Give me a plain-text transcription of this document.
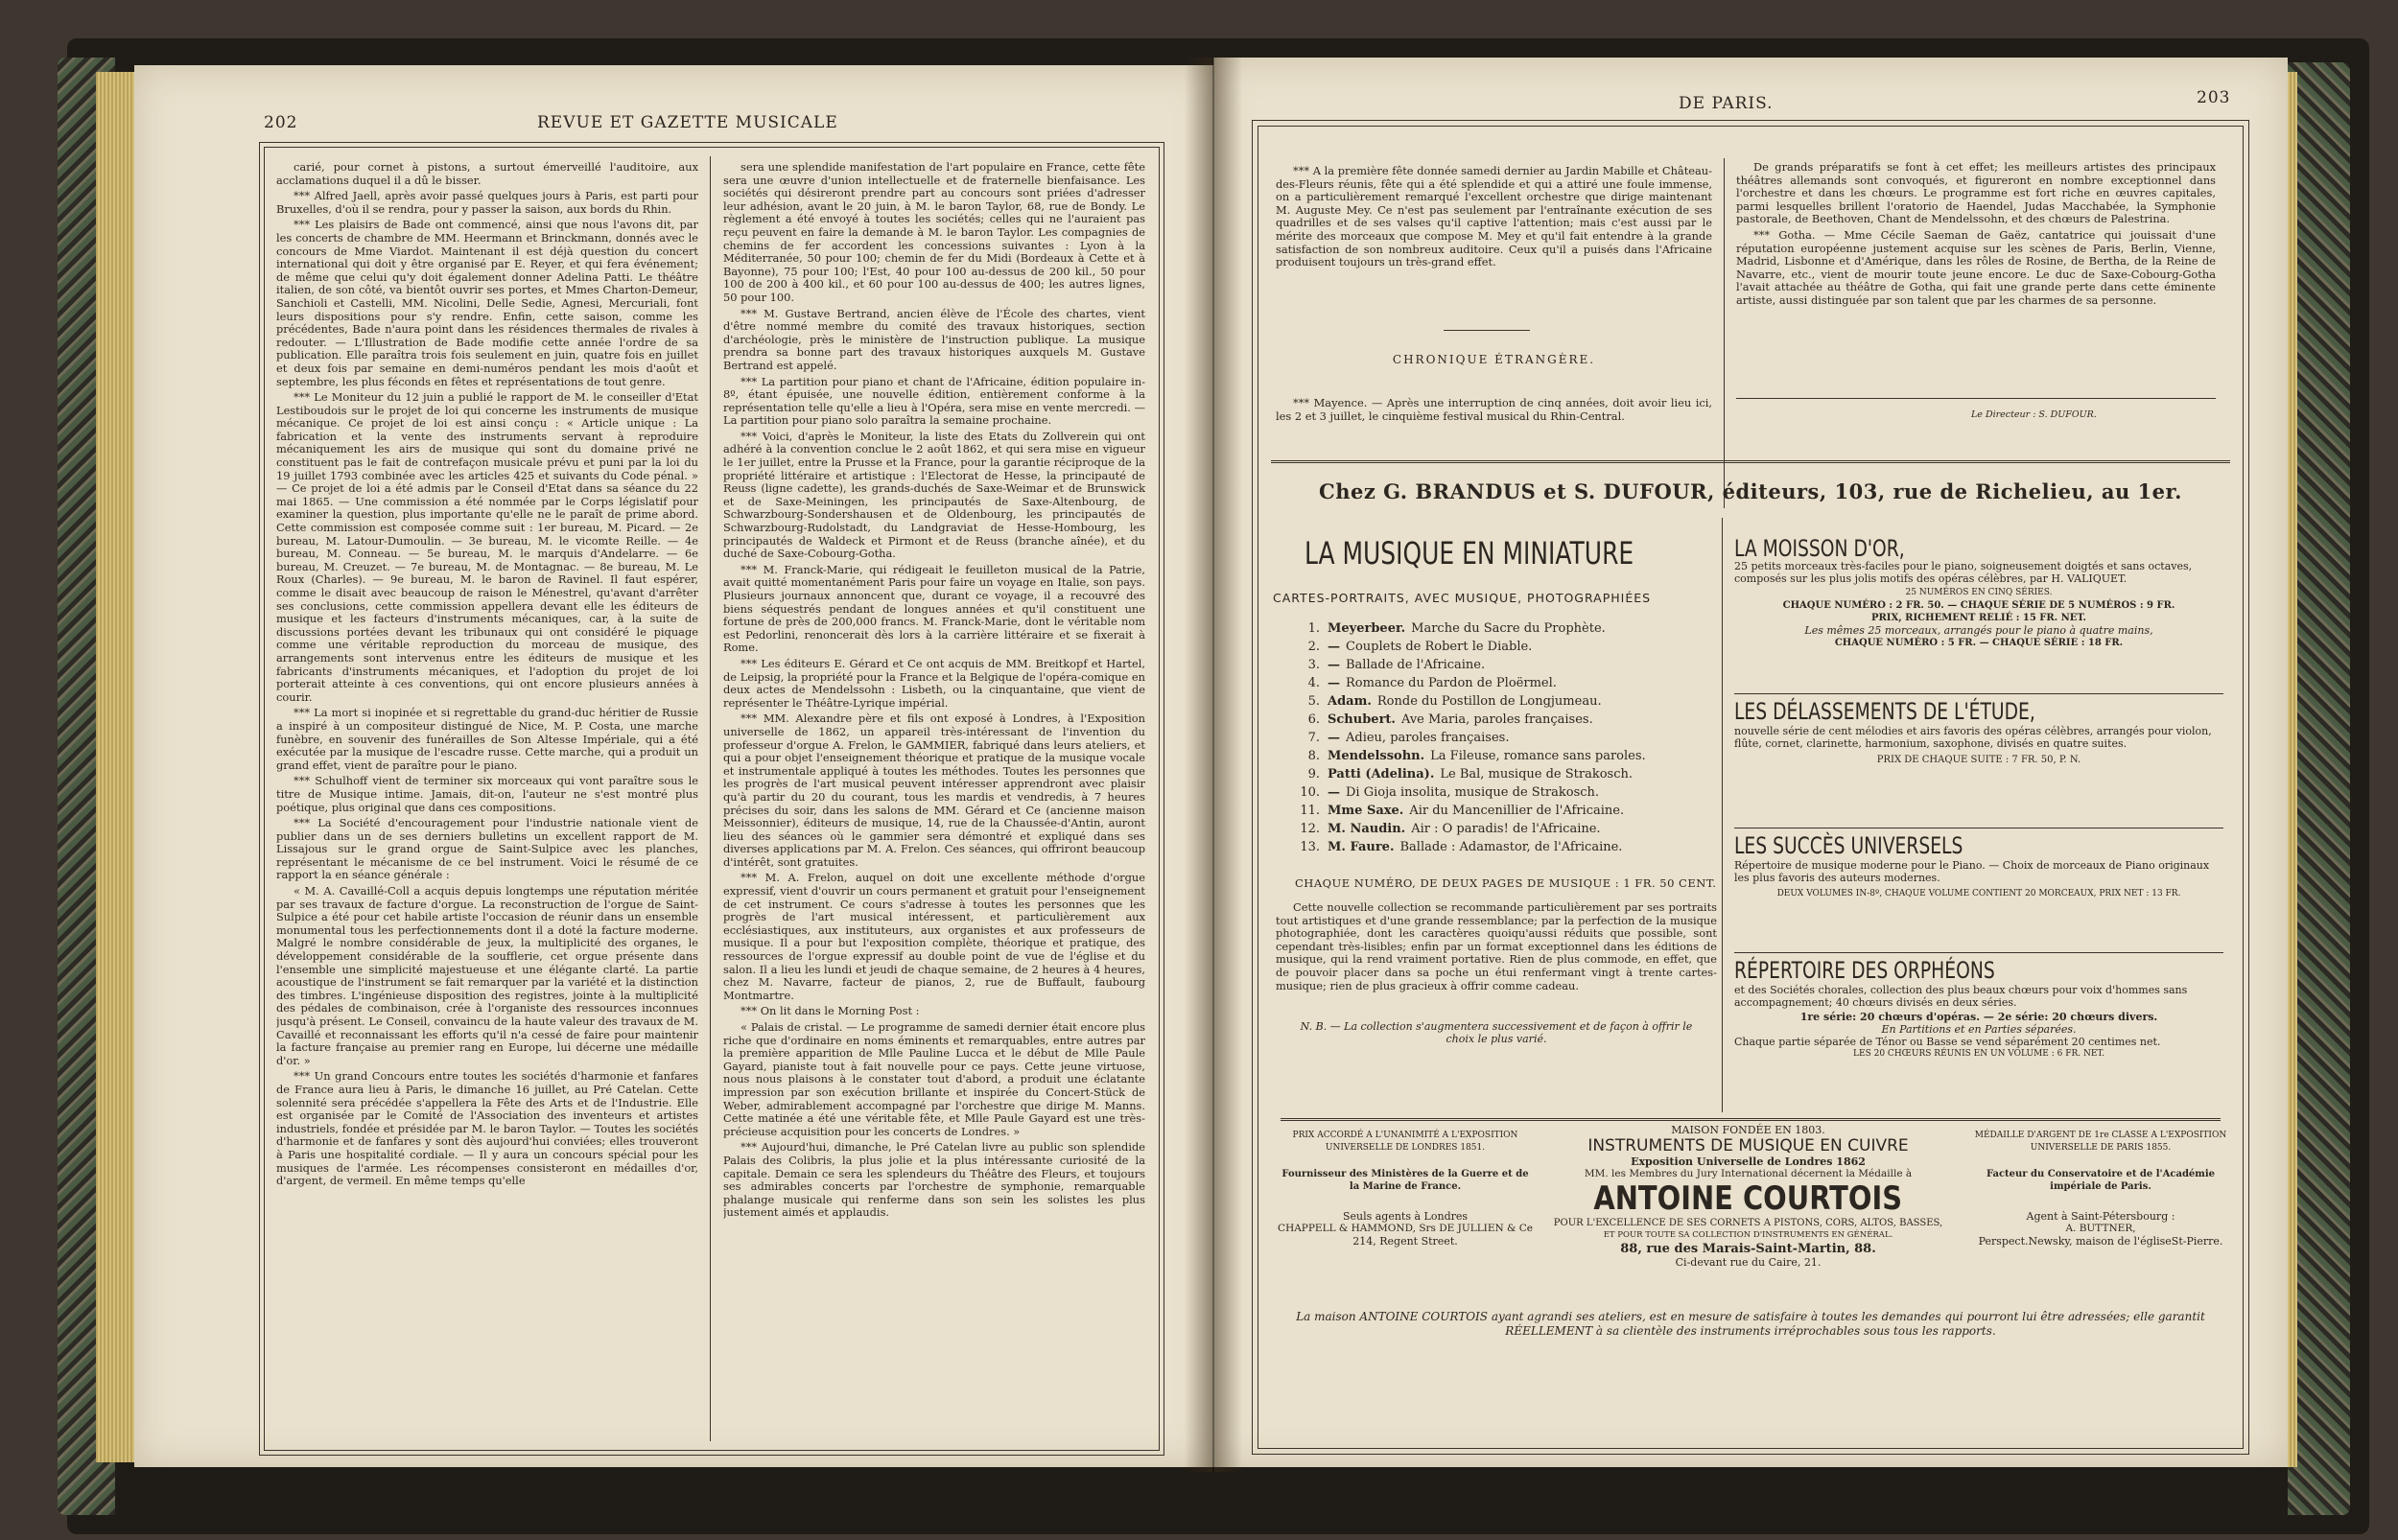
202	REVUE ET GAZETTE MUSICALE

carié, pour cornet à pistons, a surtout émerveillé l'auditoire, aux acclamations duquel il a dû le bisser.

*** Alfred Jaell, après avoir passé quelques jours à Paris, est parti pour Bruxelles, d'où il se rendra, pour y passer la saison, aux bords du Rhin.

*** Les plaisirs de Bade ont commencé, ainsi que nous l'avons dit, par les concerts de chambre de MM. Heermann et Brinckmann, donnés avec le concours de Mme Viardot. Maintenant il est déjà question du concert international qui doit y être organisé par E. Reyer, et qui fera événement; de même que celui qu'y doit également donner Adelina Patti. Le théâtre italien, de son côté, va bientôt ouvrir ses portes, et Mmes Charton-Demeur, Sanchioli et Castelli, MM. Nicolini, Delle Sedie, Agnesi, Mercuriali, font leurs dispositions pour s'y rendre. Enfin, cette saison, comme les précédentes, Bade n'aura point dans les résidences thermales de rivales à redouter. — L'Illustration de Bade modifie cette année l'ordre de sa publication. Elle paraîtra trois fois seulement en juin, quatre fois en juillet et deux fois par semaine en demi-numéros pendant les mois d'août et septembre, les plus féconds en fêtes et représentations de tout genre.

*** Le Moniteur du 12 juin a publié le rapport de M. le conseiller d'Etat Lestiboudois sur le projet de loi qui concerne les instruments de musique mécanique. Ce projet de loi est ainsi conçu : « Article unique : La fabrication et la vente des instruments servant à reproduire mécaniquement les airs de musique qui sont du domaine privé ne constituent pas le fait de contrefaçon musicale prévu et puni par la loi du 19 juillet 1793 combinée avec les articles 425 et suivants du Code pénal. » — Ce projet de loi a été admis par le Conseil d'Etat dans sa séance du 22 mai 1865. — Une commission a été nommée par le Corps législatif pour examiner la question, plus importante qu'elle ne le paraît de prime abord. Cette commission est composée comme suit : 1er bureau, M. Picard. — 2e bureau, M. Latour-Dumoulin. — 3e bureau, M. le vicomte Reille. — 4e bureau, M. Conneau. — 5e bureau, M. le marquis d'Andelarre. — 6e bureau, M. Creuzet. — 7e bureau, M. de Montagnac. — 8e bureau, M. Le Roux (Charles). — 9e bureau, M. le baron de Ravinel. Il faut espérer, comme le disait avec beaucoup de raison le Ménestrel, qu'avant d'arrêter ses conclusions, cette commission appellera devant elle les éditeurs de musique et les facteurs d'instruments mécaniques, car, à la suite de discussions portées devant les tribunaux qui ont considéré le piquage comme une véritable reproduction du morceau de musique, des arrangements sont intervenus entre les éditeurs de musique et les fabricants d'instruments mécaniques, et l'adoption du projet de loi porterait atteinte à ces conventions, qui ont encore plusieurs années à courir.

*** La mort si inopinée et si regrettable du grand-duc héritier de Russie a inspiré à un compositeur distingué de Nice, M. P. Costa, une marche funèbre, en souvenir des funérailles de Son Altesse Impériale, qui a été exécutée par la musique de l'escadre russe. Cette marche, qui a produit un grand effet, vient de paraître pour le piano.

*** Schulhoff vient de terminer six morceaux qui vont paraître sous le titre de Musique intime. Jamais, dit-on, l'auteur ne s'est montré plus poétique, plus original que dans ces compositions.

*** La Société d'encouragement pour l'industrie nationale vient de publier dans un de ses derniers bulletins un excellent rapport de M. Lissajous sur le grand orgue de Saint-Sulpice avec les planches, représentant le mécanisme de ce bel instrument. Voici le résumé de ce rapport la en séance générale :

« M. A. Cavaillé-Coll a acquis depuis longtemps une réputation méritée par ses travaux de facture d'orgue. La reconstruction de l'orgue de Saint-Sulpice a été pour cet habile artiste l'occasion de réunir dans un ensemble monumental tous les perfectionnements dont il a doté la facture moderne. Malgré le nombre considérable de jeux, la multiplicité des organes, le développement considérable de la soufflerie, cet orgue présente dans l'ensemble une simplicité majestueuse et une élégante clarté. La partie acoustique de l'instrument se fait remarquer par la variété et la distinction des timbres. L'ingénieuse disposition des registres, jointe à la multiplicité des pédales de combinaison, crée à l'organiste des ressources inconnues jusqu'à présent. Le Conseil, convaincu de la haute valeur des travaux de M. Cavaillé et reconnaissant les efforts qu'il n'a cessé de faire pour maintenir la facture française au premier rang en Europe, lui décerne une médaille d'or. »

*** Un grand Concours entre toutes les sociétés d'harmonie et fanfares de France aura lieu à Paris, le dimanche 16 juillet, au Pré Catelan. Cette solennité sera précédée s'appellera la Fête des Arts et de l'Industrie. Elle est organisée par le Comité de l'Association des inventeurs et artistes industriels, fondée et présidée par M. le baron Taylor. — Toutes les sociétés d'harmonie et de fanfares y sont dès aujourd'hui conviées; elles trouveront à Paris une hospitalité cordiale. — Il y aura un concours spécial pour les musiques de l'armée. Les récompenses consisteront en médailles d'or, d'argent, de vermeil. En même temps qu'elle

sera une splendide manifestation de l'art populaire en France, cette fête sera une œuvre d'union intellectuelle et de fraternelle bienfaisance. Les sociétés qui désireront prendre part au concours sont priées d'adresser leur adhésion, avant le 20 juin, à M. le baron Taylor, 68, rue de Bondy. Le règlement a été envoyé à toutes les sociétés; celles qui ne l'auraient pas reçu peuvent en faire la demande à M. le baron Taylor. Les compagnies de chemins de fer accordent les concessions suivantes : Lyon à la Méditerranée, 50 pour 100; chemin de fer du Midi (Bordeaux à Cette et à Bayonne), 75 pour 100; l'Est, 40 pour 100 au-dessus de 200 kil., 50 pour 100 de 200 à 400 kil., et 60 pour 100 au-dessus de 400; les autres lignes, 50 pour 100.

*** M. Gustave Bertrand, ancien élève de l'École des chartes, vient d'être nommé membre du comité des travaux historiques, section d'archéologie, près le ministère de l'instruction publique. La musique prendra sa bonne part des travaux historiques auxquels M. Gustave Bertrand est appelé.

*** La partition pour piano et chant de l'Africaine, édition populaire in-8º, étant épuisée, une nouvelle édition, entièrement conforme à la représentation telle qu'elle a lieu à l'Opéra, sera mise en vente mercredi. — La partition pour piano solo paraîtra la semaine prochaine.

*** Voici, d'après le Moniteur, la liste des Etats du Zollverein qui ont adhéré à la convention conclue le 2 août 1862, et qui sera mise en vigueur le 1er juillet, entre la Prusse et la France, pour la garantie réciproque de la propriété littéraire et artistique : l'Electorat de Hesse, la principauté de Reuss (ligne cadette), les grands-duchés de Saxe-Weimar et de Brunswick et de Saxe-Meiningen, les principautés de Saxe-Altenbourg, de Schwarzbourg-Sondershausen et de Oldenbourg, les principautés de Schwarzbourg-Rudolstadt, du Landgraviat de Hesse-Hombourg, les principautés de Waldeck et Pirmont et de Reuss (branche aînée), et du duché de Saxe-Cobourg-Gotha.

*** M. Franck-Marie, qui rédigeait le feuilleton musical de la Patrie, avait quitté momentanément Paris pour faire un voyage en Italie, son pays. Plusieurs journaux annoncent que, durant ce voyage, il a recouvré des biens séquestrés pendant de longues années et qu'il constituent une fortune de près de 200,000 francs. M. Franck-Marie, dont le véritable nom est Pedorlini, renoncerait dès lors à la carrière littéraire et se fixerait à Rome.

*** Les éditeurs E. Gérard et Ce ont acquis de MM. Breitkopf et Hartel, de Leipsig, la propriété pour la France et la Belgique de l'opéra-comique en deux actes de Mendelssohn : Lisbeth, ou la cinquantaine, que vient de représenter le Théâtre-Lyrique impérial.

*** MM. Alexandre père et fils ont exposé à Londres, à l'Exposition universelle de 1862, un appareil très-intéressant de l'invention du professeur d'orgue A. Frelon, le GAMMIER, fabriqué dans leurs ateliers, et qui a pour objet l'enseignement théorique et pratique de la musique vocale et instrumentale appliqué à toutes les méthodes. Toutes les personnes que les progrès de l'art musical peuvent intéresser apprendront avec plaisir qu'à partir du 20 du courant, tous les mardis et vendredis, à 7 heures précises du soir, dans les salons de MM. Gérard et Ce (ancienne maison Meissonnier), éditeurs de musique, 14, rue de la Chaussée-d'Antin, auront lieu des séances où le gammier sera démontré et expliqué dans ses diverses applications par M. A. Frelon. Ces séances, qui offriront beaucoup d'intérêt, sont gratuites.

*** M. A. Frelon, auquel on doit une excellente méthode d'orgue expressif, vient d'ouvrir un cours permanent et gratuit pour l'enseignement de cet instrument. Ce cours s'adresse à toutes les personnes que les progrès de l'art musical intéressent, et particulièrement aux ecclésiastiques, aux instituteurs, aux organistes et aux professeurs de musique. Il a pour but l'exposition complète, théorique et pratique, des ressources de l'orgue expressif au double point de vue de l'église et du salon. Il a lieu les lundi et jeudi de chaque semaine, de 2 heures à 4 heures, chez M. Navarre, facteur de pianos, 2, rue de Buffault, faubourg Montmartre.

*** On lit dans le Morning Post :

« Palais de cristal. — Le programme de samedi dernier était encore plus riche que d'ordinaire en noms éminents et remarquables, entre autres par la première apparition de Mlle Pauline Lucca et le début de Mlle Paule Gayard, pianiste tout à fait nouvelle pour ce pays. Cette jeune virtuose, nous nous plaisons à le constater tout d'abord, a produit une éclatante impression par son exécution brillante et inspirée du Concert-Stück de Weber, admirablement accompagné par l'orchestre que dirige M. Manns. Cette matinée a été une véritable fête, et Mlle Paule Gayard est une très-précieuse acquisition pour les concerts de Londres. »

*** Aujourd'hui, dimanche, le Pré Catelan livre au public son splendide Palais des Colibris, la plus jolie et la plus intéressante curiosité de la capitale. Demain ce sera les splendeurs du Théâtre des Fleurs, et toujours ses admirables concerts par l'orchestre de symphonie, remarquable phalange musicale qui renferme dans son sein les solistes les plus justement aimés et applaudis.

DE PARIS.	203

*** A la première fête donnée samedi dernier au Jardin Mabille et Château-des-Fleurs réunis, fête qui a été splendide et qui a attiré une foule immense, on a particulièrement remarqué l'excellent orchestre que dirige maintenant M. Auguste Mey. Ce n'est pas seulement par l'entraînante exécution de ses quadrilles et de ses valses qu'il captive l'attention; mais c'est aussi par le mérite des morceaux que compose M. Mey et qu'il fait entendre à la grande satisfaction de son nombreux auditoire. Ceux qu'il a puisés dans l'Africaine produisent toujours un très-grand effet.

CHRONIQUE ÉTRANGÈRE.

*** Mayence. — Après une interruption de cinq années, doit avoir lieu ici, les 2 et 3 juillet, le cinquième festival musical du Rhin-Central.

De grands préparatifs se font à cet effet; les meilleurs artistes des principaux théâtres allemands sont convoqués, et figureront en nombre exceptionnel dans l'orchestre et dans les chœurs. Le programme est fort riche en œuvres capitales, parmi lesquelles brillent l'oratorio de Haendel, Judas Macchabée, la Symphonie pastorale, de Beethoven, Chant de Mendelssohn, et des chœurs de Palestrina.

*** Gotha. — Mme Cécile Saeman de Gaëz, cantatrice qui jouissait d'une réputation européenne justement acquise sur les scènes de Paris, Berlin, Vienne, Madrid, Lisbonne et d'Amérique, dans les rôles de Rosine, de Bertha, de la Reine de Navarre, etc., vient de mourir toute jeune encore. Le duc de Saxe-Cobourg-Gotha l'avait attachée au théâtre de Gotha, qui fait une grande perte dans cette éminente artiste, aussi distinguée par son talent que par les charmes de sa personne.

Le Directeur : S. DUFOUR.
Chez G. BRANDUS et S. DUFOUR, éditeurs, 103, rue de Richelieu, au 1er.
LA MUSIQUE EN MINIATURE
CARTES-PORTRAITS, AVEC MUSIQUE, PHOTOGRAPHIÉES
1. Meyerbeer. Marche du Sacre du Prophète.
2. — Couplets de Robert le Diable.
3. — Ballade de l'Africaine.
4. — Romance du Pardon de Ploërmel.
5. Adam. Ronde du Postillon de Longjumeau.
6. Schubert. Ave Maria, paroles françaises.
7. — Adieu, paroles françaises.
8. Mendelssohn. La Fileuse, romance sans paroles.
9. Patti (Adelina). Le Bal, musique de Strakosch.
10. — Di Gioja insolita, musique de Strakosch.
11. Mme Saxe. Air du Mancenillier de l'Africaine.
12. M. Naudin. Air : O paradis! de l'Africaine.
13. M. Faure. Ballade : Adamastor, de l'Africaine.
CHAQUE NUMÉRO, DE DEUX PAGES DE MUSIQUE : 1 FR. 50 CENT.

Cette nouvelle collection se recommande particulièrement par ses portraits tout artistiques et d'une grande ressemblance; par la perfection de la musique photographiée, dont les caractères quoiqu'aussi réduits que possible, sont cependant très-lisibles; enfin par un format exceptionnel dans les éditions de musique, qui la rend vraiment portative. Rien de plus commode, en effet, que de pouvoir placer dans sa poche un étui renfermant vingt à trente cartes-musique; rien de plus gracieux à offrir comme cadeau.

N. B. — La collection s'augmentera successivement et de façon à offrir le choix le plus varié.
LA MOISSON D'OR,
25 petits morceaux très-faciles pour le piano, soigneusement doigtés et sans octaves, composés sur les plus jolis motifs des opéras célèbres, par H. VALIQUET.
25 NUMÉROS EN CINQ SÉRIES.
CHAQUE NUMÉRO : 2 FR. 50. — CHAQUE SÉRIE DE 5 NUMÉROS : 9 FR.
PRIX, RICHEMENT RELIÉ : 15 FR. NET.
Les mêmes 25 morceaux, arrangés pour le piano à quatre mains,
CHAQUE NUMÉRO : 5 FR. — CHAQUE SÉRIE : 18 FR.
LES DÉLASSEMENTS DE L'ÉTUDE,
nouvelle série de cent mélodies et airs favoris des opéras célèbres, arrangés pour violon, flûte, cornet, clarinette, harmonium, saxophone, divisés en quatre suites.
PRIX DE CHAQUE SUITE : 7 FR. 50, P. N.
LES SUCCÈS UNIVERSELS
Répertoire de musique moderne pour le Piano. — Choix de morceaux de Piano originaux les plus favoris des auteurs modernes.
DEUX VOLUMES IN-8º, CHAQUE VOLUME CONTIENT 20 MORCEAUX, PRIX NET : 13 FR.
RÉPERTOIRE DES ORPHÉONS
et des Sociétés chorales, collection des plus beaux chœurs pour voix d'hommes sans accompagnement; 40 chœurs divisés en deux séries.
1re série: 20 chœurs d'opéras. — 2e série: 20 chœurs divers.
En Partitions et en Parties séparées.
Chaque partie séparée de Ténor ou Basse se vend séparément 20 centimes net.
LES 20 CHŒURS RÉUNIS EN UN VOLUME : 6 FR. NET.
PRIX ACCORDÉ A L'UNANIMITÉ A L'EXPOSITION UNIVERSELLE DE LONDRES 1851.
Fournisseur des Ministères de la Guerre et de la Marine de France.
Seuls agents à Londres
CHAPPELL & HAMMOND, Srs DE JULLIEN & Ce
214, Regent Street.
MAISON FONDÉE EN 1803.
INSTRUMENTS DE MUSIQUE EN CUIVRE
Exposition Universelle de Londres 1862
MM. les Membres du Jury International décernent la Médaille à
ANTOINE COURTOIS
POUR L'EXCELLENCE DE SES CORNETS A PISTONS, CORS, ALTOS, BASSES,
ET POUR TOUTE SA COLLECTION D'INSTRUMENTS EN GÉNÉRAL.
88, rue des Marais-Saint-Martin, 88.
Ci-devant rue du Caire, 21.
MÉDAILLE D'ARGENT DE 1re CLASSE A L'EXPOSITION UNIVERSELLE DE PARIS 1855.
Facteur du Conservatoire et de l'Académie impériale de Paris.
Agent à Saint-Pétersbourg :
A. BUTTNER,
Perspect.Newsky, maison de l'égliseSt-Pierre.
La maison ANTOINE COURTOIS ayant agrandi ses ateliers, est en mesure de satisfaire à toutes les demandes qui pourront lui être adressées; elle garantit RÉELLEMENT à sa clientèle des instruments irréprochables sous tous les rapports.
